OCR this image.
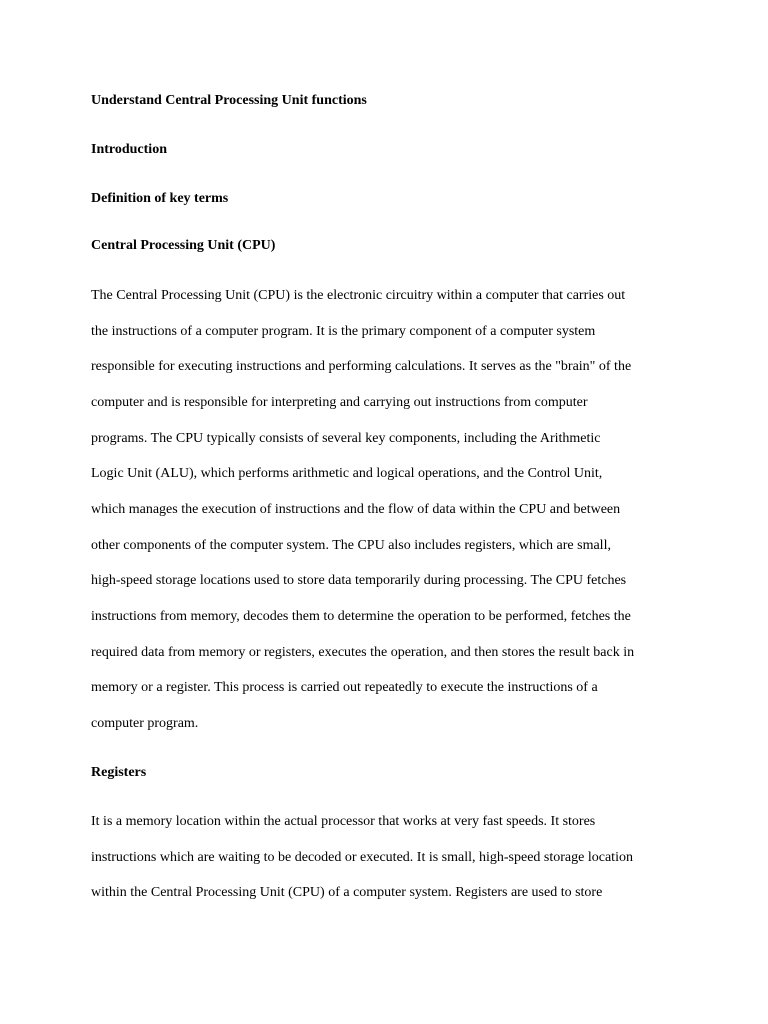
Understand Central Processing Unit functions
Introduction
Definition of key terms
Central Processing Unit (CPU)

The Central Processing Unit (CPU) is the electronic circuitry within a computer that carries out

the instructions of a computer program. It is the primary component of a computer system

responsible for executing instructions and performing calculations. It serves as the "brain" of the

computer and is responsible for interpreting and carrying out instructions from computer

programs. The CPU typically consists of several key components, including the Arithmetic

Logic Unit (ALU), which performs arithmetic and logical operations, and the Control Unit,

which manages the execution of instructions and the flow of data within the CPU and between

other components of the computer system. The CPU also includes registers, which are small,

high-speed storage locations used to store data temporarily during processing. The CPU fetches

instructions from memory, decodes them to determine the operation to be performed, fetches the

required data from memory or registers, executes the operation, and then stores the result back in

memory or a register. This process is carried out repeatedly to execute the instructions of a

computer program.

Registers

It is a memory location within the actual processor that works at very fast speeds. It stores

instructions which are waiting to be decoded or executed. It is small, high-speed storage location

within the Central Processing Unit (CPU) of a computer system. Registers are used to store
